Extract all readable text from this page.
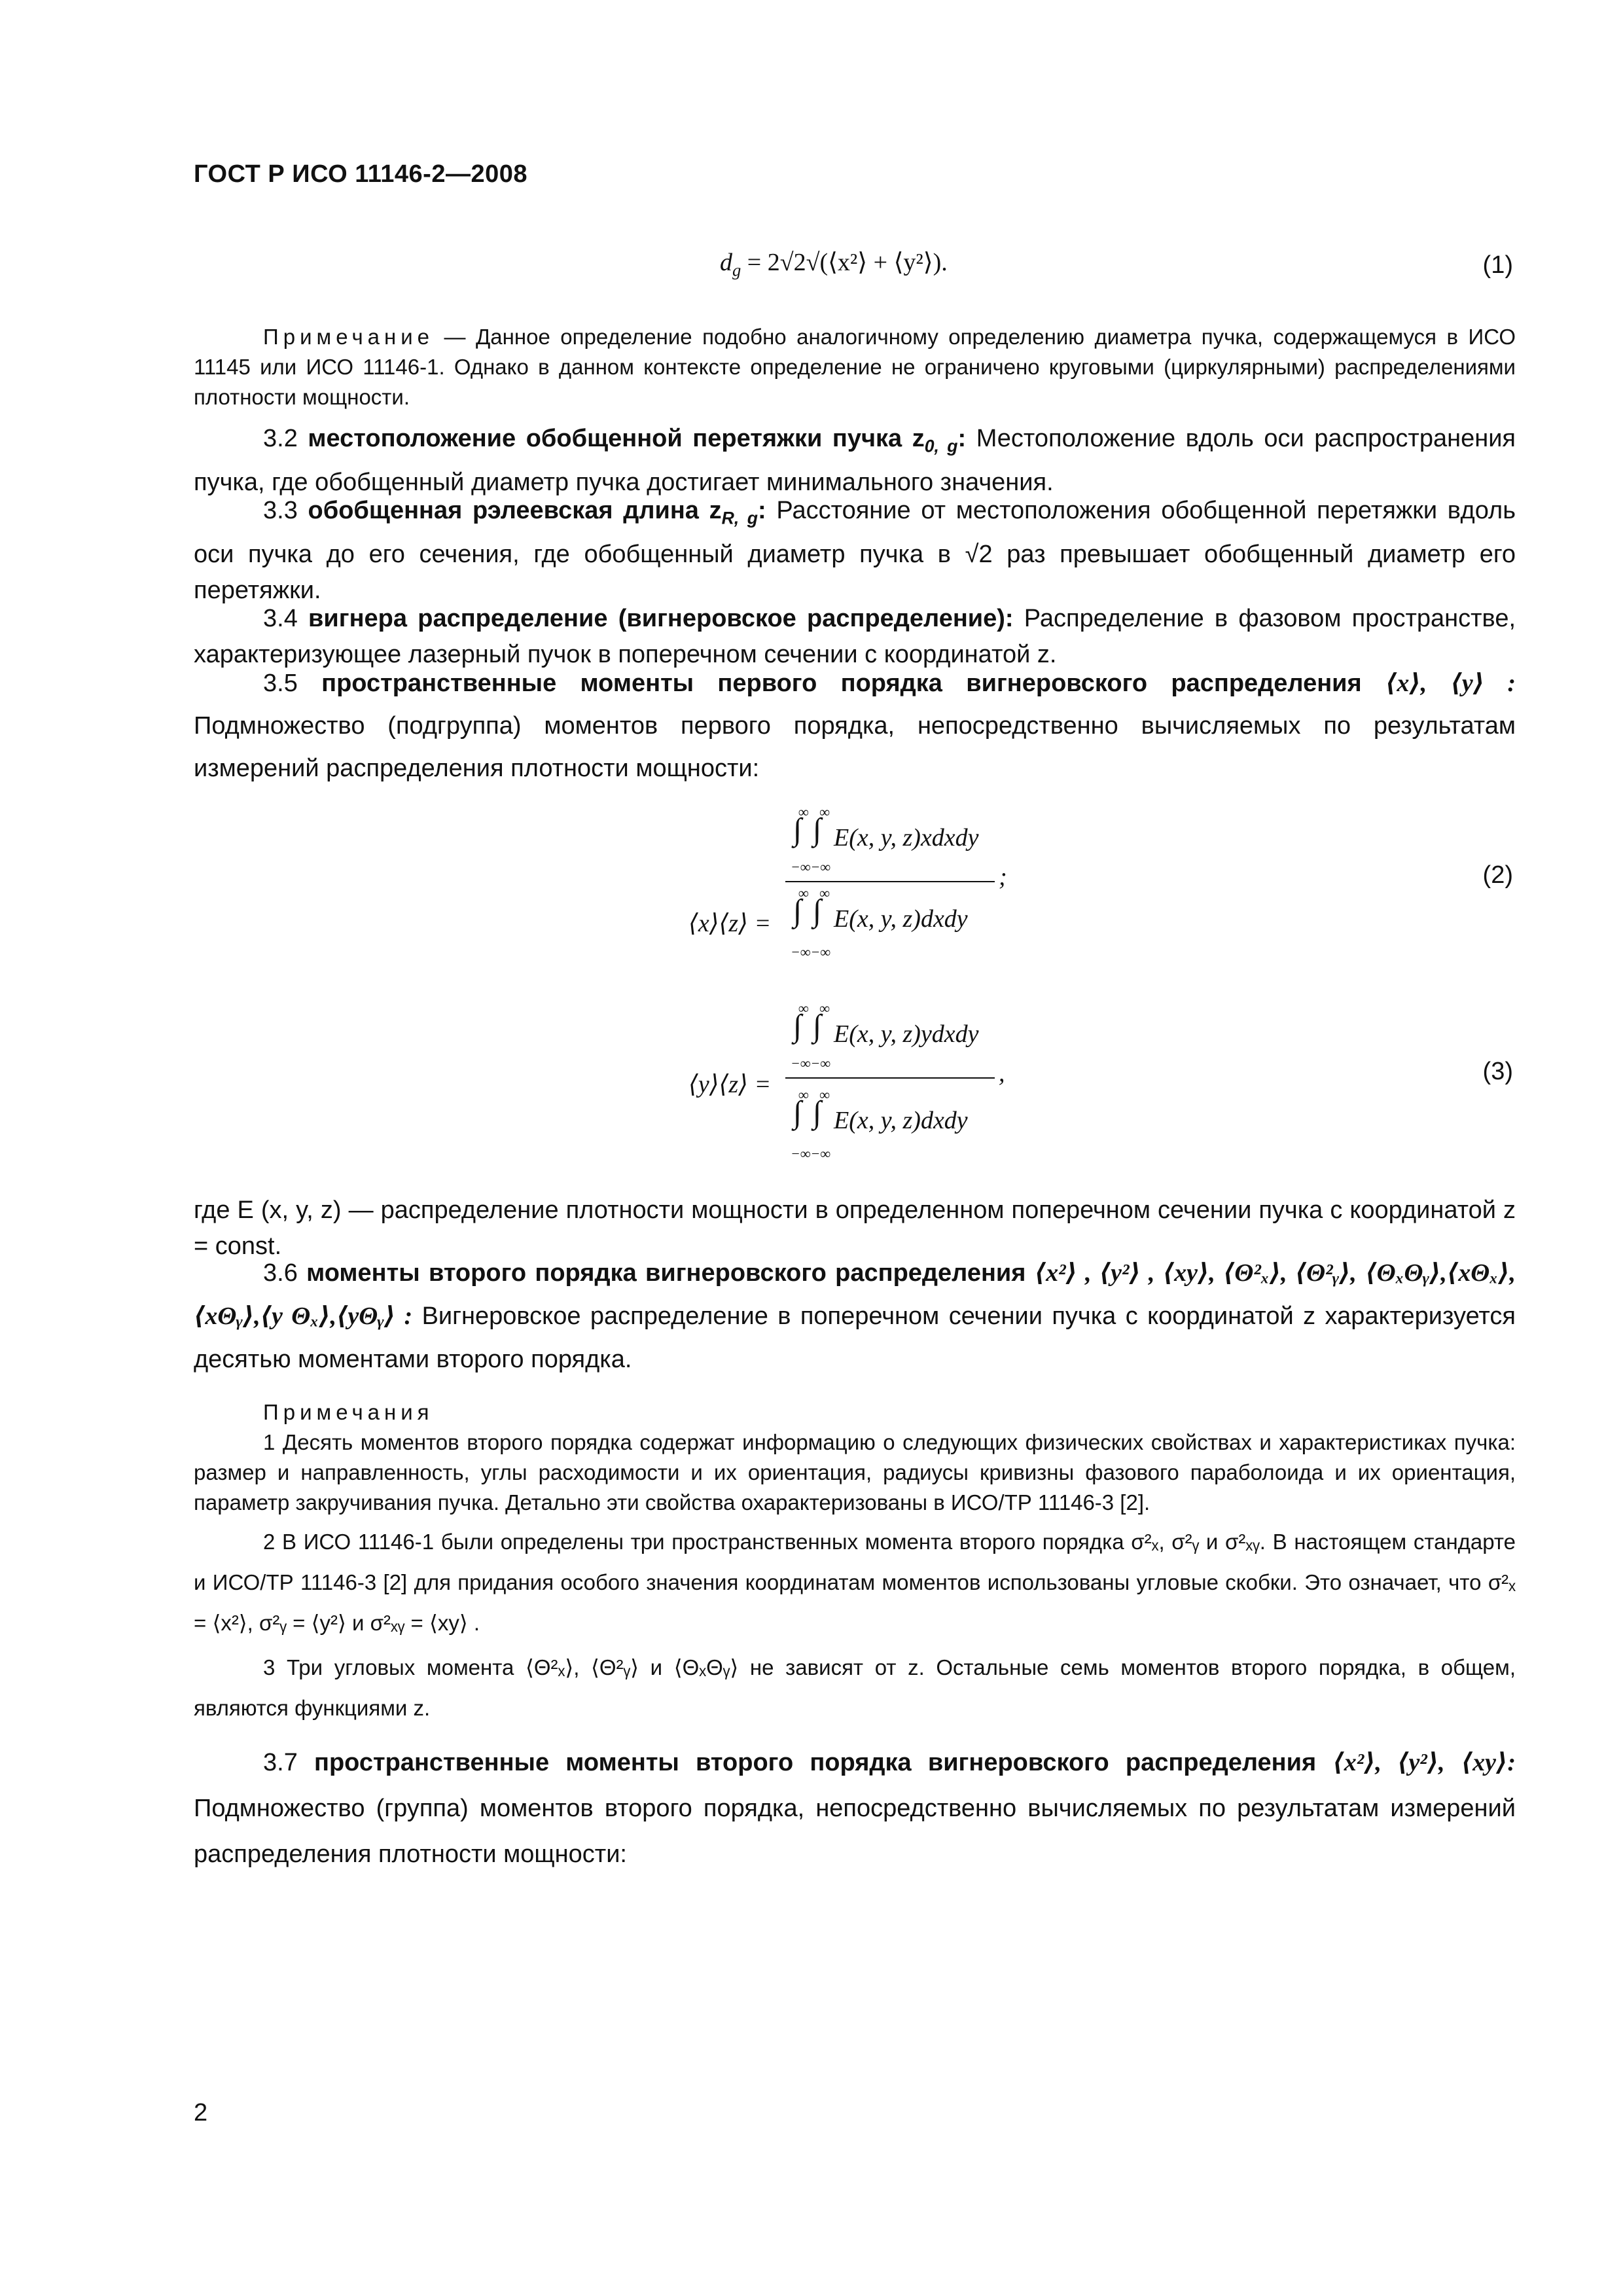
ГОСТ Р ИСО 11146-2—2008
$d_g$ = 2√2√(⟨x²⟩ + ⟨y²⟩).	(1)
Примечание — Данное определение подобно аналогичному определению диаметра пучка, содержащемуся в ИСО 11145 или ИСО 11146-1. Однако в данном контексте определение не ограничено круговыми (циркулярными) распределениями плотности мощности.
3.2 местоположение обобщенной перетяжки пучка $z_{0, g}$: Местоположение вдоль оси распространения пучка, где обобщенный диаметр пучка достигает минимального значения.
3.3 обобщенная рэлеевская длина $z_{R, g}$: Расстояние от местоположения обобщенной перетяжки вдоль оси пучка до его сечения, где обобщенный диаметр пучка в √2 раз превышает обобщенный диаметр его перетяжки.
3.4 вигнера распределение (вигнеровское распределение): Распределение в фазовом пространстве, характеризующее лазерный пучок в поперечном сечении с координатой z.
3.5 пространственные моменты первого порядка вигнеровского распределения ⟨x⟩, ⟨y⟩ : Подмножество (подгруппа) моментов первого порядка, непосредственно вычисляемых по результатам измерений распределения плотности мощности:
⟨x⟩⟨z⟩ =
∞ ∞
∫ ∫ E(x, y, z)xdxdy
−∞−∞	;
∞ ∞
∫ ∫ E(x, y, z)dxdy
−∞−∞
(2)
⟨y⟩⟨z⟩ =
∞ ∞
∫ ∫ E(x, y, z)ydxdy
−∞−∞	,
∞ ∞
∫ ∫ E(x, y, z)dxdy
−∞−∞
(3)
где E (x, y, z) — распределение плотности мощности в определенном поперечном сечении пучка с координатой z = const.
3.6 моменты второго порядка вигнеровского распределения ⟨x²⟩ , ⟨y²⟩ , ⟨xy⟩, ⟨Θ²ₓ⟩, ⟨Θ²ᵧ⟩, ⟨ΘₓΘᵧ⟩,⟨xΘₓ⟩,⟨xΘᵧ⟩,⟨y Θₓ⟩,⟨yΘᵧ⟩ : Вигнеровское распределение в поперечном сечении пучка с координатой z характеризуется десятью моментами второго порядка.
Примечания
1 Десять моментов второго порядка содержат информацию о следующих физических свойствах и характеристиках пучка: размер и направленность, углы расходимости и их ориентация, радиусы кривизны фазового параболоида и их ориентация, параметр закручивания пучка. Детально эти свойства охарактеризованы в ИСО/ТР 11146-3 [2].
2 В ИСО 11146-1 были определены три пространственных момента второго порядка σ²ₓ, σ²ᵧ и σ²ₓᵧ. В настоящем стандарте и ИСО/ТР 11146-3 [2] для придания особого значения координатам моментов использованы угловые скобки. Это означает, что σ²ₓ = ⟨x²⟩, σ²ᵧ = ⟨y²⟩ и σ²ₓᵧ = ⟨xy⟩ .
3 Три угловых момента ⟨Θ²ₓ⟩, ⟨Θ²ᵧ⟩ и ⟨ΘₓΘᵧ⟩ не зависят от z. Остальные семь моментов второго порядка, в общем, являются функциями z.
3.7 пространственные моменты второго порядка вигнеровского распределения ⟨x²⟩, ⟨y²⟩, ⟨xy⟩: Подмножество (группа) моментов второго порядка, непосредственно вычисляемых по результатам измерений распределения плотности мощности:
2
